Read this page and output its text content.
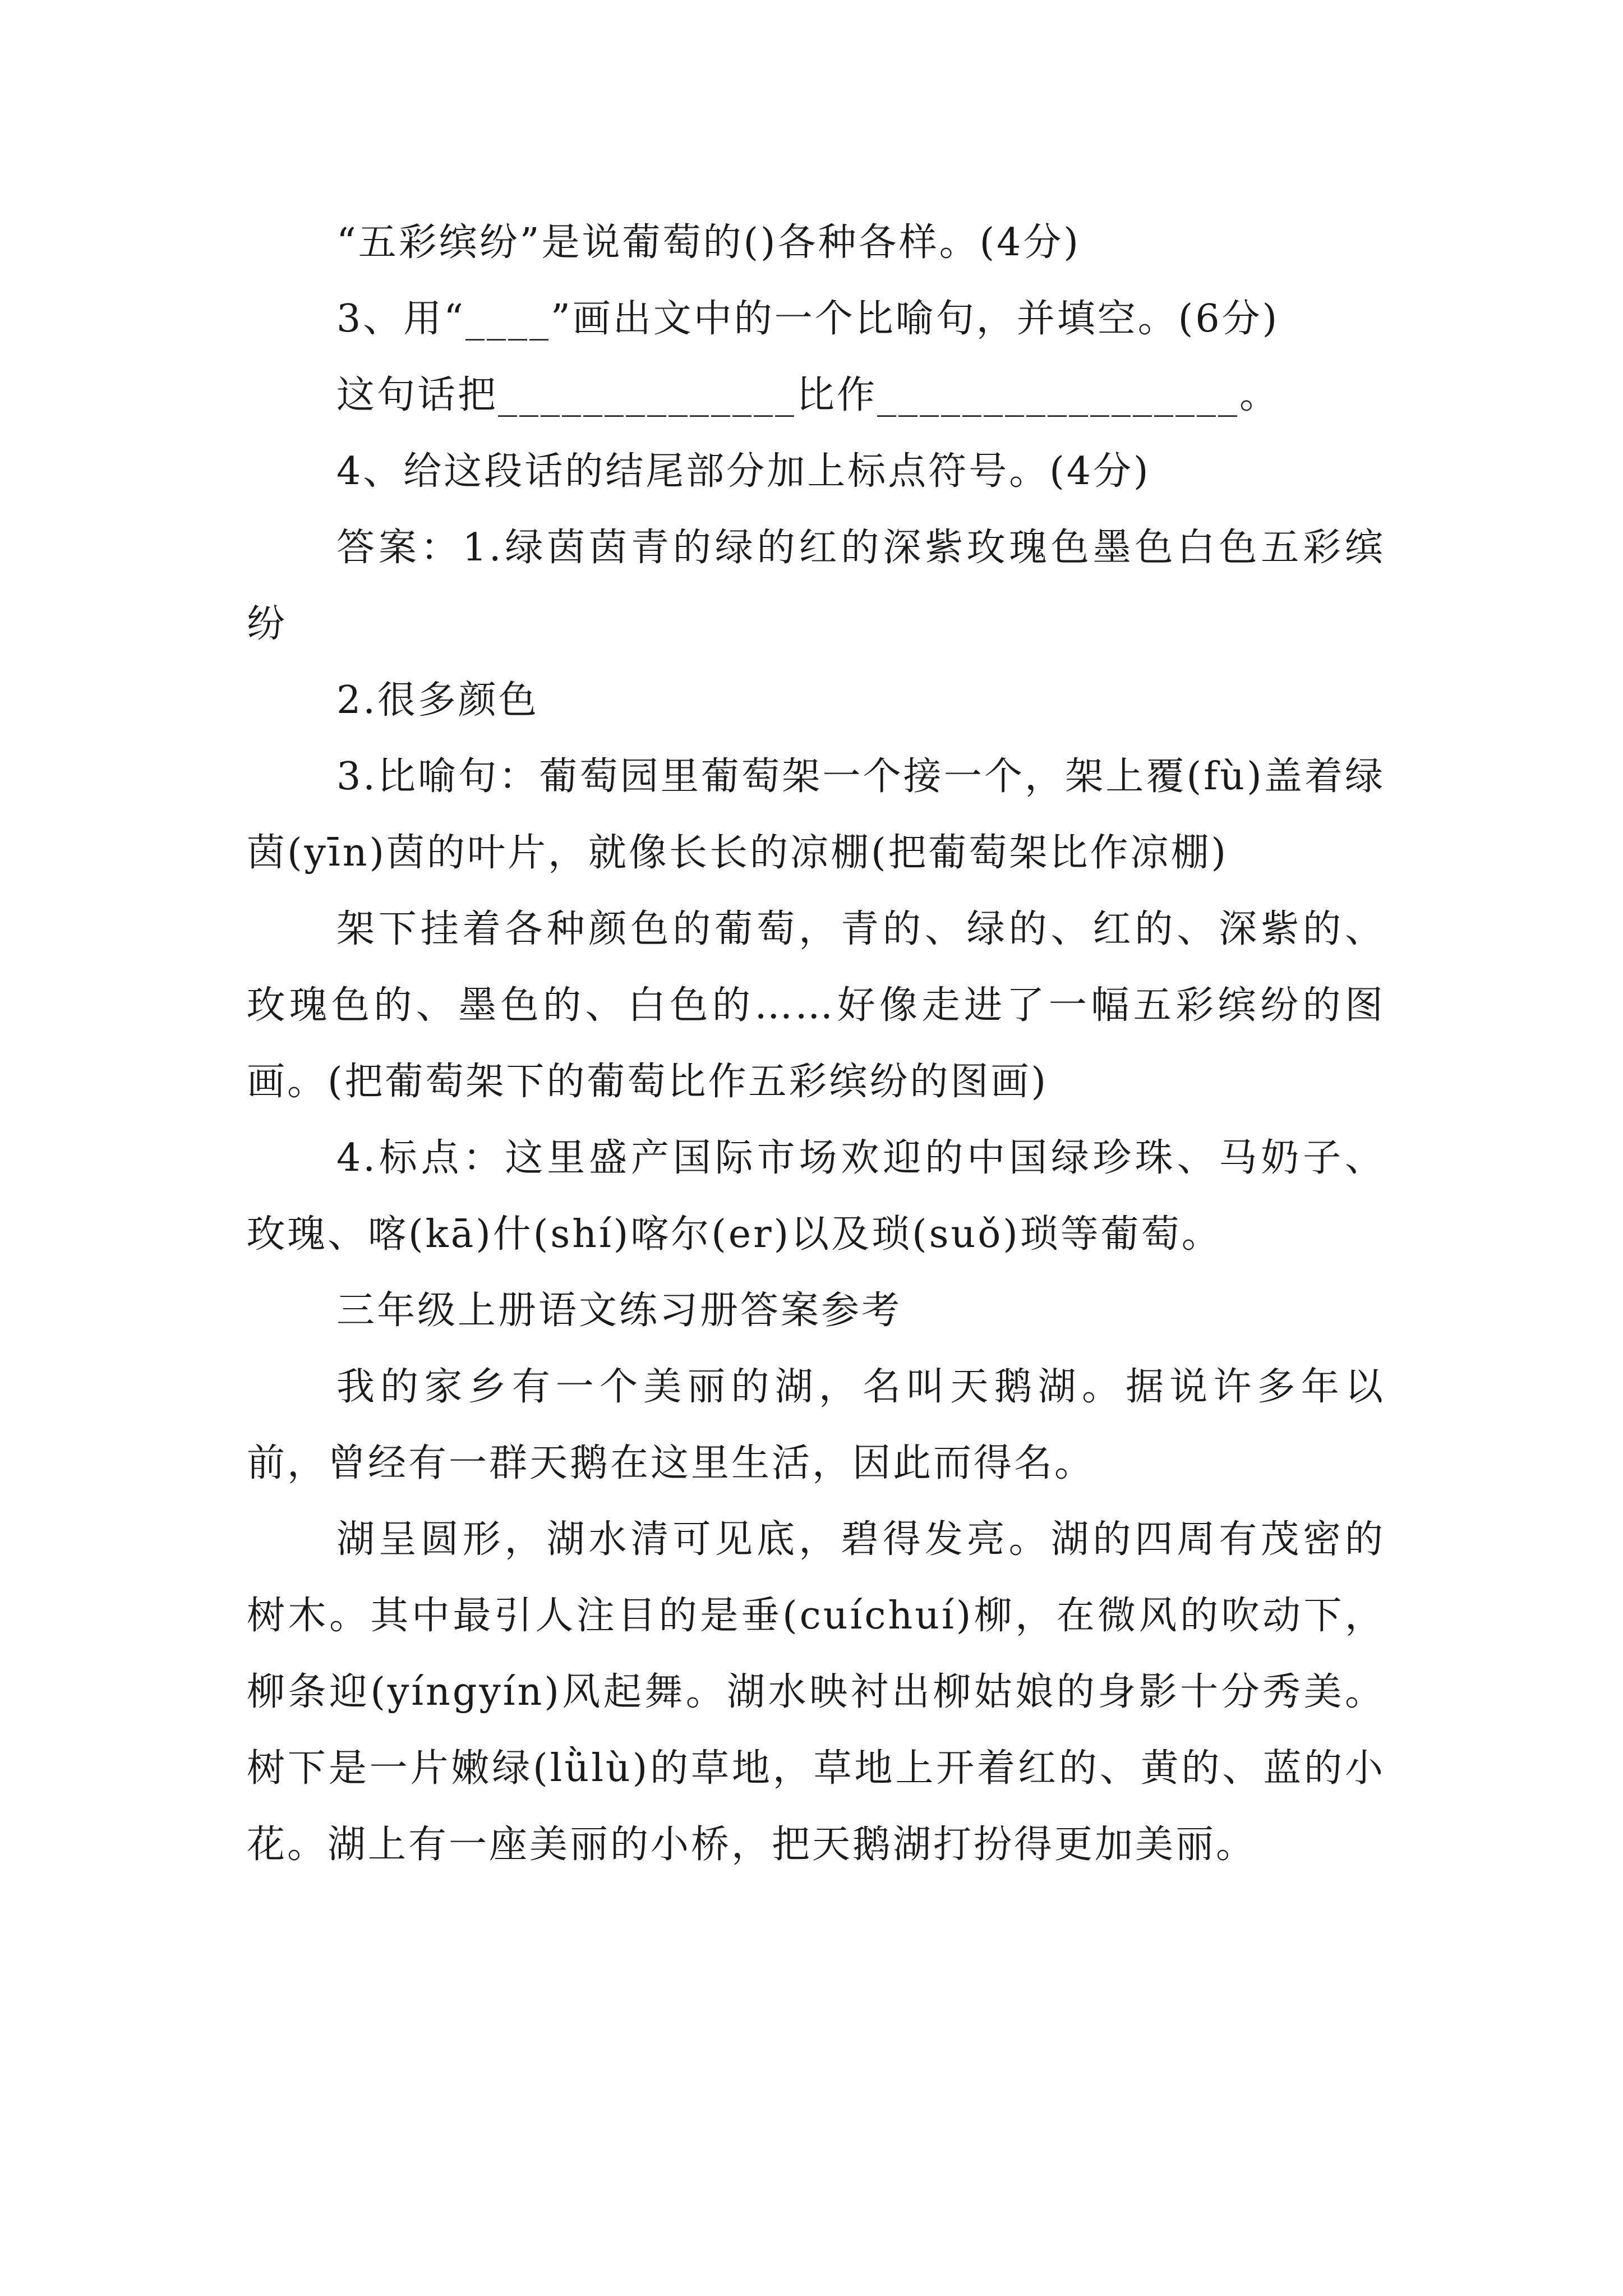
“五彩缤纷”是说葡萄的()各种各样。(4分)

3、用“____”画出文中的一个比喻句，并填空。(6分)

这句话把______________比作_________________。

4、给这段话的结尾部分加上标点符号。(4分)

答案：1.绿茵茵青的绿的红的深紫玫瑰色墨色白色五彩缤纷

2.很多颜色

3.比喻句：葡萄园里葡萄架一个接一个，架上覆(fù)盖着绿茵(yīn)茵的叶片，就像长长的凉棚(把葡萄架比作凉棚)

架下挂着各种颜色的葡萄，青的、绿的、红的、深紫的、玫瑰色的、墨色的、白色的……好像走进了一幅五彩缤纷的图画。(把葡萄架下的葡萄比作五彩缤纷的图画)

4.标点：这里盛产国际市场欢迎的中国绿珍珠、马奶子、玫瑰、喀(kā)什(shí)喀尔(er)以及琐(suǒ)琐等葡萄。

三年级上册语文练习册答案参考

我的家乡有一个美丽的湖，名叫天鹅湖。据说许多年以前，曾经有一群天鹅在这里生活，因此而得名。

湖呈圆形，湖水清可见底，碧得发亮。湖的四周有茂密的树木。其中最引人注目的是垂(cuíchuí)柳，在微风的吹动下，柳条迎(yíngyín)风起舞。湖水映衬出柳姑娘的身影十分秀美。树下是一片嫩绿(lǜlù)的草地，草地上开着红的、黄的、蓝的小花。湖上有一座美丽的小桥，把天鹅湖打扮得更加美丽。
